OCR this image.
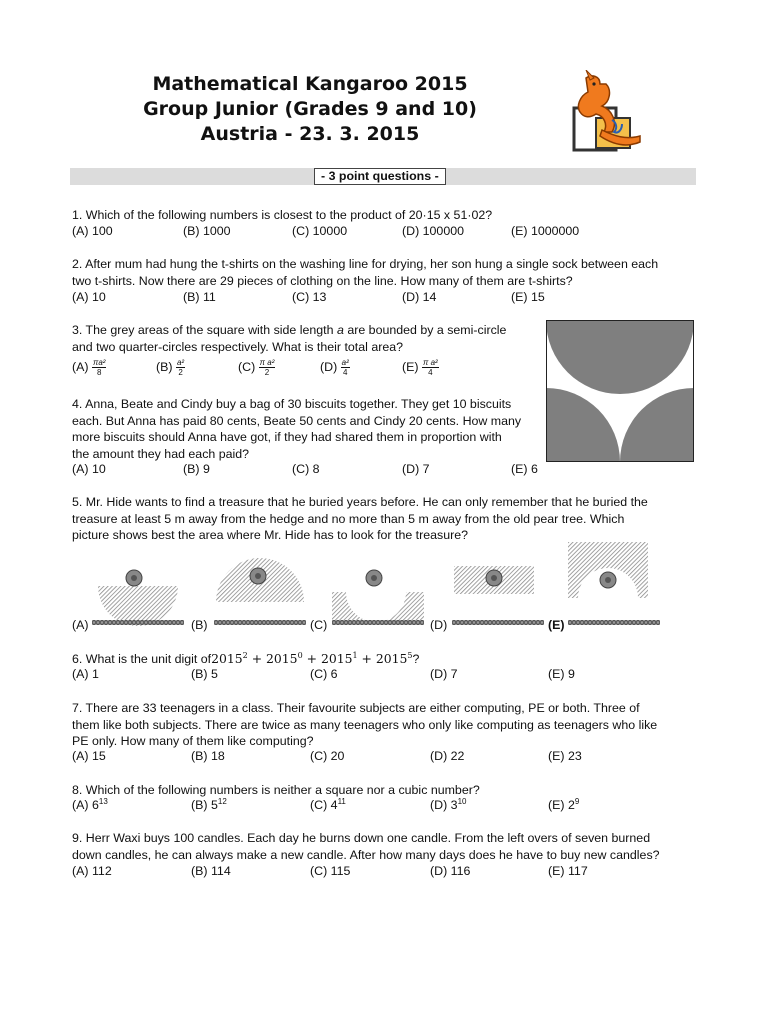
Mathematical Kangaroo 2015
Group Junior (Grades 9 and 10)
Austria - 23. 3. 2015
- 3 point questions -
1. Which of the following numbers is closest to the product of 20·15 x 51·02?
(A) 100	(B) 1000	(C) 10000	(D) 100000	(E) 1000000
2. After mum had hung the t-shirts on the washing line for drying, her son hung a single sock between each
two t-shirts. Now there are 29 pieces of clothing on the line. How many of them are t-shirts?
(A) 10	(B) 11	(C) 13	(D) 14	(E) 15
3. The grey areas of the square with side length a are bounded by a semi-circle
and two quarter-circles respectively. What is their total area?
$(A) \frac{\text{πa²}}{8}$	$(B) \frac{\text{a²}}{2}$	$(C) \frac{\text{π a²}}{2}$	$(D) \frac{\text{a²}}{4}$	$(E) \frac{\text{π a²}}{4}$
4. Anna, Beate and Cindy buy a bag of 30 biscuits together. They get 10 biscuits
each. But Anna has paid 80 cents, Beate 50 cents and Cindy 20 cents. How many
more biscuits should Anna have got, if they had shared them in proportion with
the amount they had each paid?
(A) 10	(B) 9	(C) 8	(D) 7	(E) 6
5. Mr. Hide wants to find a treasure that he buried years before. He can only remember that he buried the
treasure at least 5 m away from the hedge and no more than 5 m away from the old pear tree. Which
picture shows best the area where Mr. Hide has to look for the treasure?
(A)	(B)	(C)	(D)	(E)
6. What is the unit digit $of2015^2 + 2015^0 + 2015^1 + 2015^5$?
(A) 1	(B) 5	(C) 6	(D) 7	(E) 9
7. There are 33 teenagers in a class. Their favourite subjects are either computing, PE or both. Three of
them like both subjects. There are twice as many teenagers who only like computing as teenagers who like
PE only. How many of them like computing?
(A) 15	(B) 18	(C) 20	(D) 22	(E) 23
8. Which of the following numbers is neither a square nor a cubic number?
(A) $6^{13}$	(B) $5^{12}$	(C) $4^{11}$	(D) $3^{10}$	(E) $2^9$
9. Herr Waxi buys 100 candles. Each day he burns down one candle. From the left overs of seven burned
down candles, he can always make a new candle. After how many days does he have to buy new candles?
(A) 112	(B) 114	(C) 115	(D) 116	(E) 117
